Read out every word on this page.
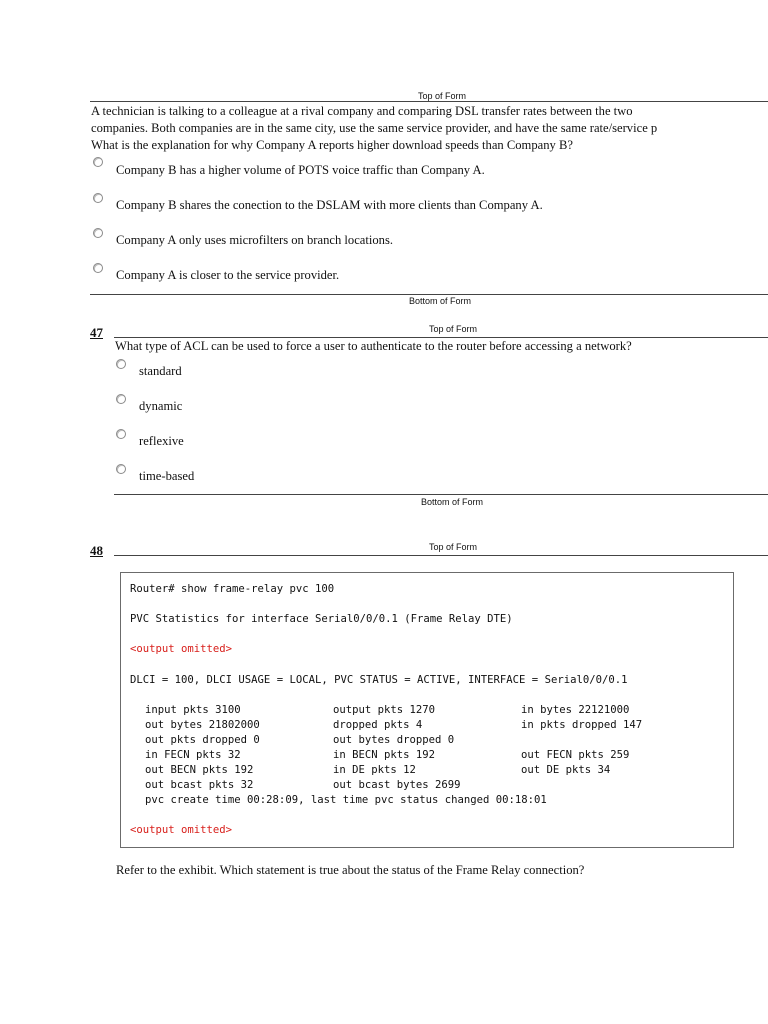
Top of Form
A technician is talking to a colleague at a rival company and comparing DSL transfer rates between the two
companies. Both companies are in the same city, use the same service provider, and have the same rate/service p
What is the explanation for why Company A reports higher download speeds than Company B?
Company B has a higher volume of POTS voice traffic than Company A.
Company B shares the conection to the DSLAM with more clients than Company A.
Company A only uses microfilters on branch locations.
Company A is closer to the service provider.
Bottom of Form
47	Top of Form
What type of ACL can be used to force a user to authenticate to the router before accessing a network?
standard
dynamic
reflexive
time-based
Bottom of Form
48	Top of Form
Router# show frame-relay pvc 100
PVC Statistics for interface Serial0/0/0.1 (Frame Relay DTE)
<output omitted>
DLCI = 100, DLCI USAGE = LOCAL, PVC STATUS = ACTIVE, INTERFACE = Serial0/0/0.1
input pkts 3100	output pkts 1270	in bytes 22121000
out bytes 21802000	dropped pkts 4	in pkts dropped 147
out pkts dropped 0	out bytes dropped 0
in FECN pkts 32	in BECN pkts 192	out FECN pkts 259
out BECN pkts 192	in DE pkts 12	out DE pkts 34
out bcast pkts 32	out bcast bytes 2699
pvc create time 00:28:09, last time pvc status changed 00:18:01
<output omitted>
Refer to the exhibit. Which statement is true about the status of the Frame Relay connection?
